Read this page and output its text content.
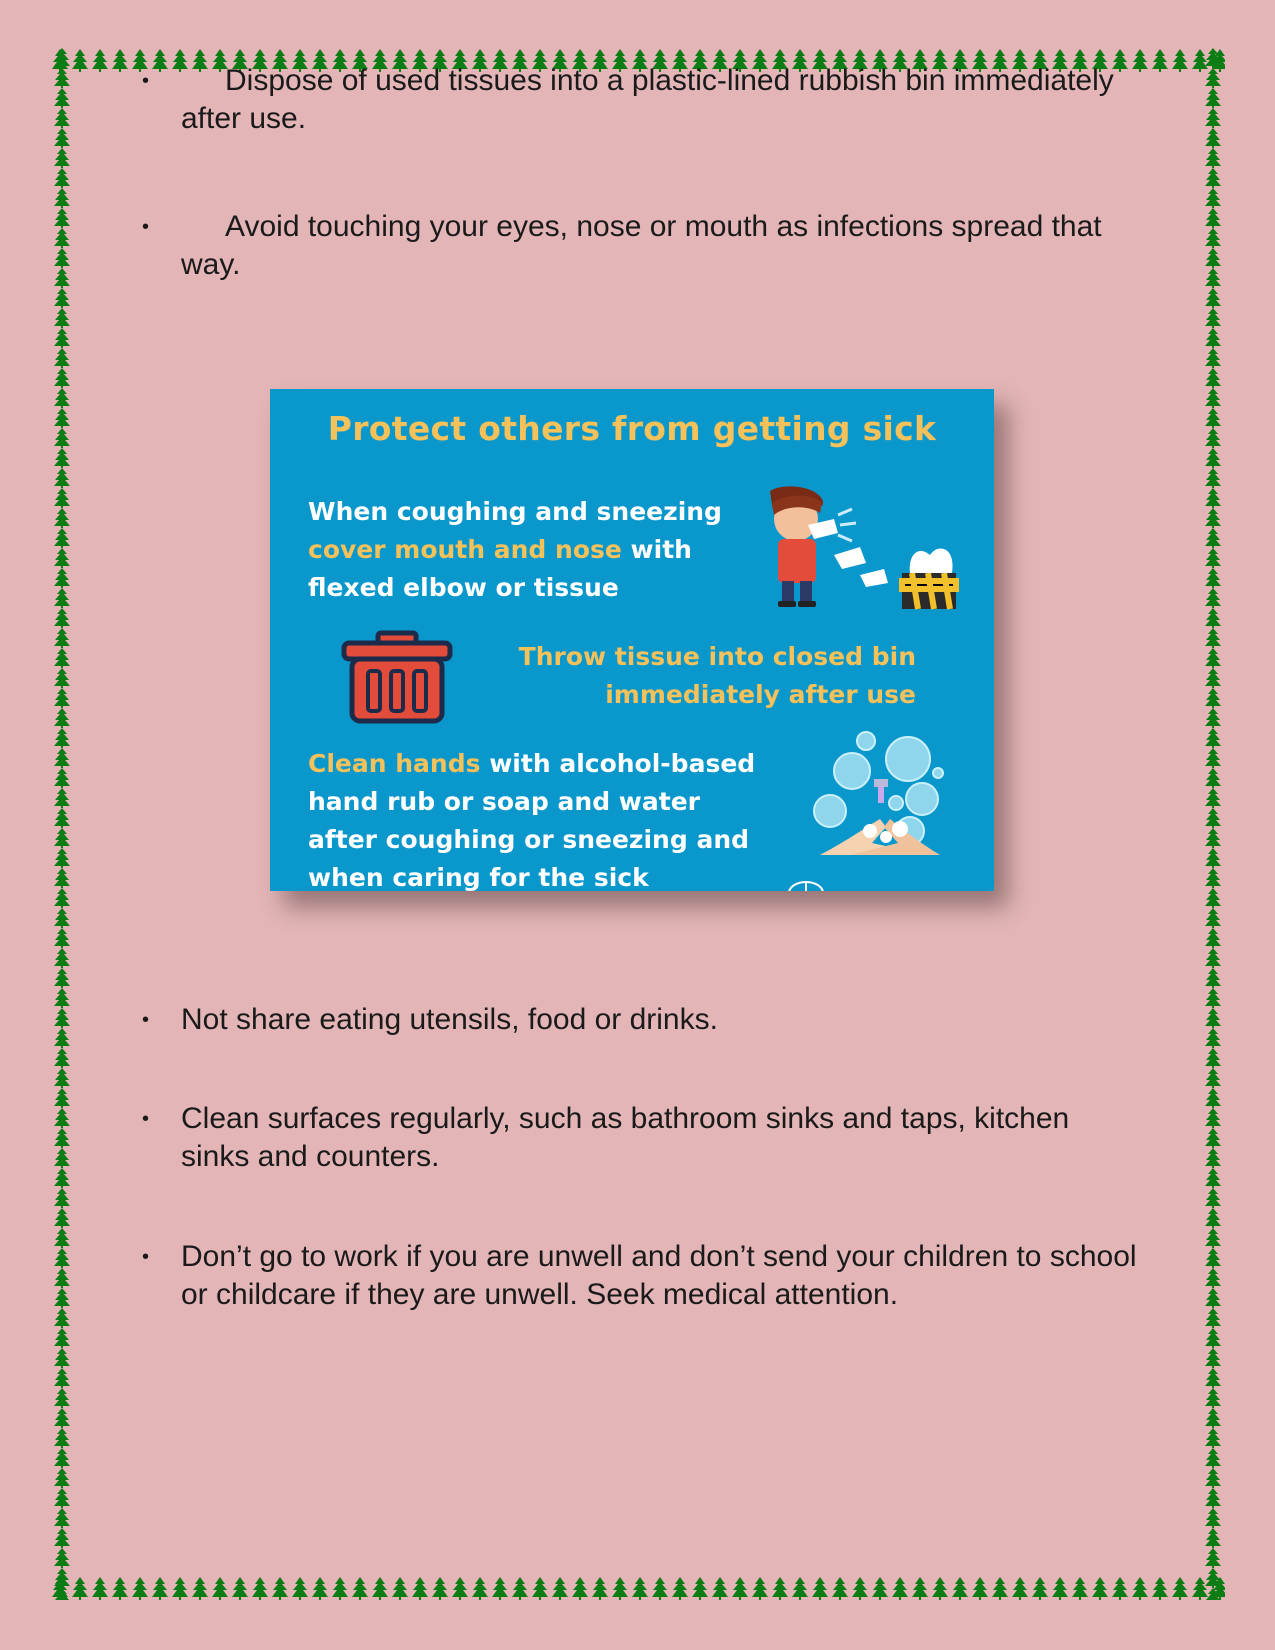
•	Dispose of used tissues into a plastic-lined rubbish bin immediately after use.
•	Avoid touching your eyes, nose or mouth as infections spread that way.
Protect others from getting sick
When coughing and sneezing
cover mouth and nose with
flexed elbow or tissue
Throw tissue into closed bin
immediately after use
Clean hands with alcohol-based
hand rub or soap and water
after coughing or sneezing and
when caring for the sick
•	Not share eating utensils, food or drinks.
•	Clean surfaces regularly, such as bathroom sinks and taps, kitchen sinks and counters.
•	Don’t go to work if you are unwell and don’t send your children to school or childcare if they are unwell. Seek medical attention.
